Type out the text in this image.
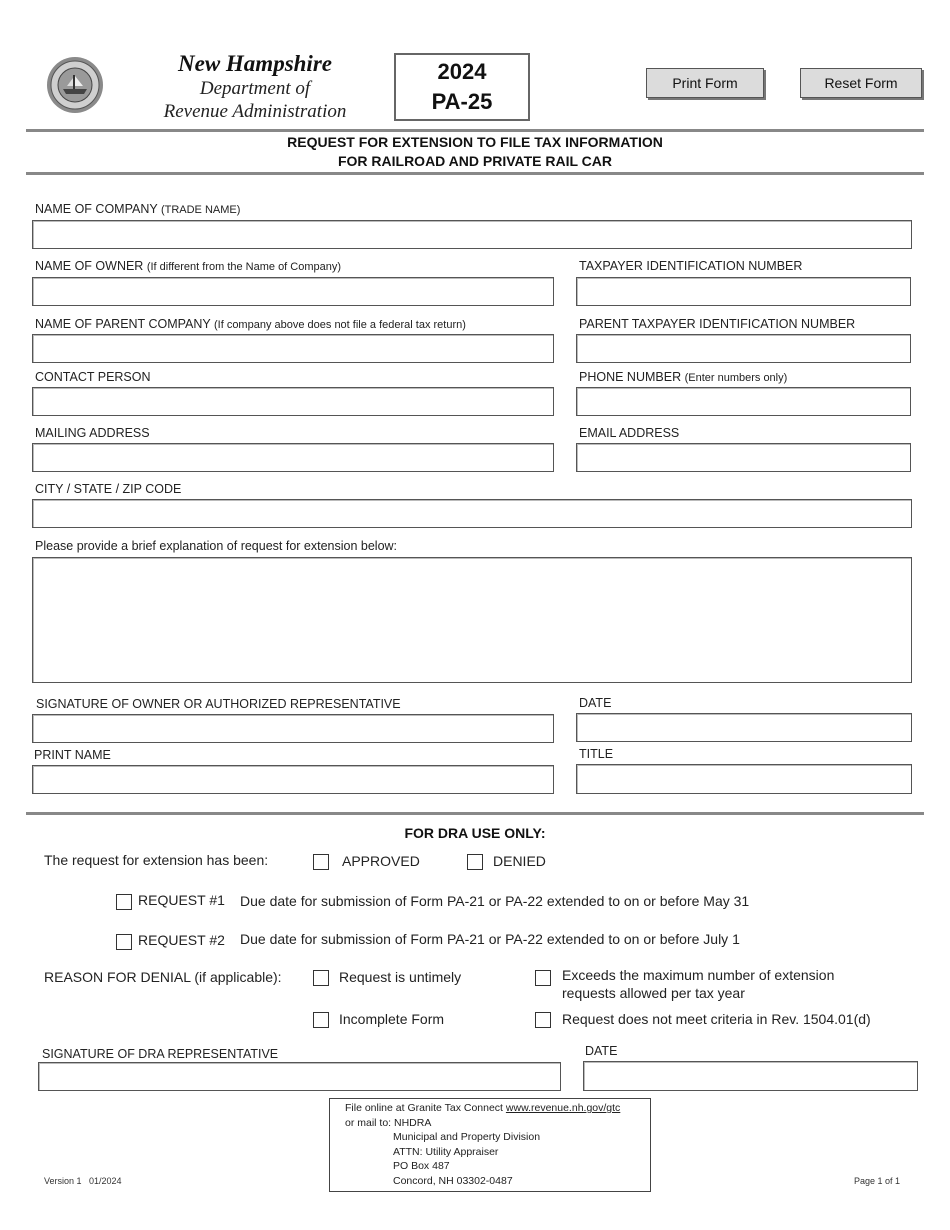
New Hampshire
Department of
Revenue Administration
2024
PA-25
Print Form	Reset Form
REQUEST FOR EXTENSION TO FILE TAX INFORMATION
FOR RAILROAD AND PRIVATE RAIL CAR
NAME OF COMPANY (TRADE NAME)
NAME OF OWNER (If different from the Name of Company)	TAXPAYER IDENTIFICATION NUMBER
NAME OF PARENT COMPANY (If company above does not file a federal tax return)	PARENT TAXPAYER IDENTIFICATION NUMBER
CONTACT PERSON	PHONE NUMBER (Enter numbers only)
MAILING ADDRESS	EMAIL ADDRESS
CITY / STATE / ZIP CODE
Please provide a brief explanation of request for extension below:
SIGNATURE OF OWNER OR AUTHORIZED REPRESENTATIVE	DATE
PRINT NAME	TITLE
FOR DRA USE ONLY:
The request for extension has been:	APPROVED	DENIED
REQUEST #1 Due date for submission of Form PA-21 or PA-22 extended to on or before May 31
REQUEST #2 Due date for submission of Form PA-21 or PA-22 extended to on or before July 1
REASON FOR DENIAL (if applicable):	Request is untimely	Exceeds the maximum number of extension
requests allowed per tax year
Incomplete Form	Request does not meet criteria in Rev. 1504.01(d)
SIGNATURE OF DRA REPRESENTATIVE	DATE
File online at Granite Tax Connect www.revenue.nh.gov/gtc
or mail to: NHDRA
Municipal and Property Division
ATTN: Utility Appraiser
PO Box 487
Concord, NH 03302-0487
Version 1   01/2024	Page 1 of 1
